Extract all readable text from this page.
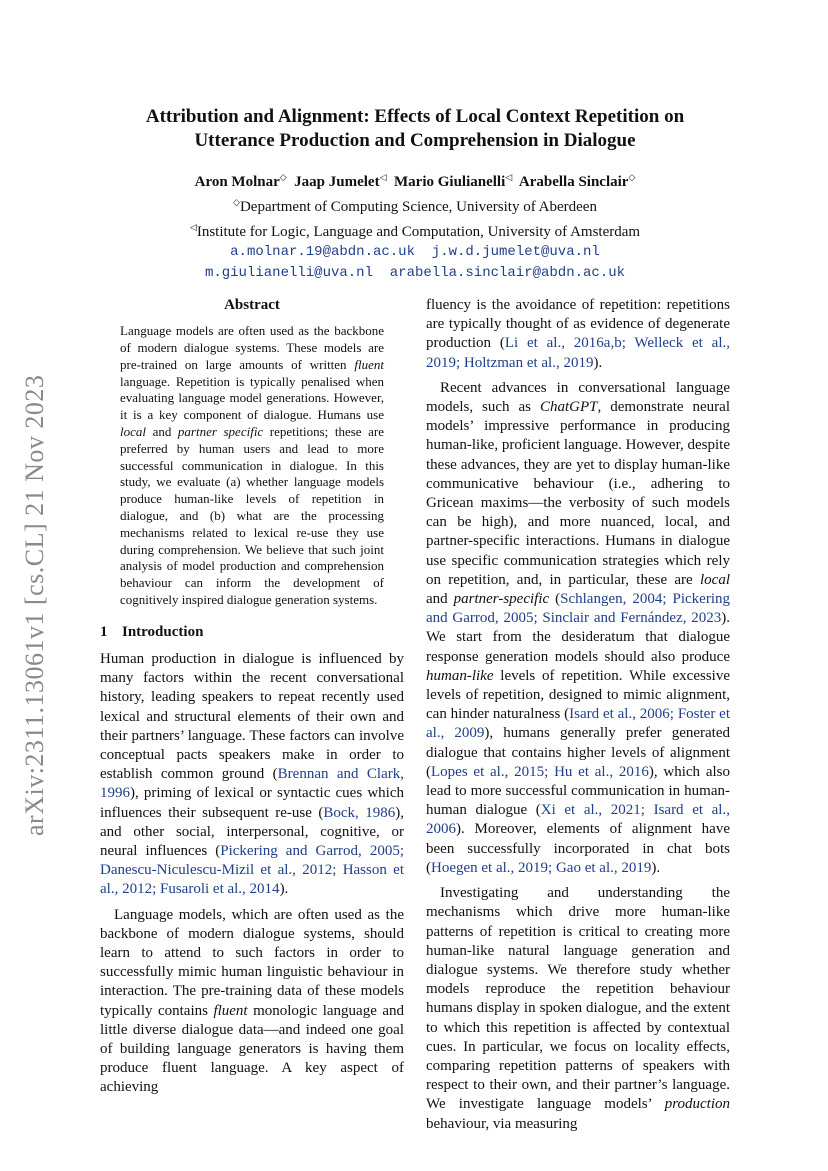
arXiv:2311.13061v1 [cs.CL] 21 Nov 2023
Attribution and Alignment: Effects of Local Context Repetition on
Utterance Production and Comprehension in Dialogue
Aron Molnar◇ Jaap Jumelet◁ Mario Giulianelli◁ Arabella Sinclair◇
◇Department of Computing Science, University of Aberdeen
◁Institute for Logic, Language and Computation, University of Amsterdam
a.molnar.19@abdn.ac.uk  j.w.d.jumelet@uva.nl
m.giulianelli@uva.nl  arabella.sinclair@abdn.ac.uk
Abstract

Language models are often used as the backbone of modern dialogue systems. These models are pre-trained on large amounts of written fluent language. Repetition is typically penalised when evaluating language model generations. However, it is a key component of dialogue. Humans use local and partner specific repetitions; these are preferred by human users and lead to more successful communication in dialogue. In this study, we evaluate (a) whether language models produce human-like levels of repetition in dialogue, and (b) what are the processing mechanisms related to lexical re-use they use during comprehension. We believe that such joint analysis of model production and comprehension behaviour can inform the development of cognitively inspired dialogue generation systems.

1 Introduction

Human production in dialogue is influenced by many factors within the recent conversational history, leading speakers to repeat recently used lexical and structural elements of their own and their partners’ language. These factors can involve conceptual pacts speakers make in order to establish common ground (Brennan and Clark, 1996), priming of lexical or syntactic cues which influences their subsequent re-use (Bock, 1986), and other social, interpersonal, cognitive, or neural influences (Pickering and Garrod, 2005; Danescu-Niculescu-Mizil et al., 2012; Hasson et al., 2012; Fusaroli et al., 2014).

Language models, which are often used as the backbone of modern dialogue systems, should learn to attend to such factors in order to successfully mimic human linguistic behaviour in interaction. The pre-training data of these models typically contains fluent monologic language and little diverse dialogue data—and indeed one goal of building language generators is having them produce fluent language. A key aspect of achieving

fluency is the avoidance of repetition: repetitions are typically thought of as evidence of degenerate production (Li et al., 2016a,b; Welleck et al., 2019; Holtzman et al., 2019).

Recent advances in conversational language models, such as ChatGPT, demonstrate neural models’ impressive performance in producing human-like, proficient language. However, despite these advances, they are yet to display human-like communicative behaviour (i.e., adhering to Gricean maxims—the verbosity of such models can be high), and more nuanced, local, and partner-specific interactions. Humans in dialogue use specific communication strategies which rely on repetition, and, in particular, these are local and partner-specific (Schlangen, 2004; Pickering and Garrod, 2005; Sinclair and Fernández, 2023). We start from the desideratum that dialogue response generation models should also produce human-like levels of repetition. While excessive levels of repetition, designed to mimic alignment, can hinder naturalness (Isard et al., 2006; Foster et al., 2009), humans generally prefer generated dialogue that contains higher levels of alignment (Lopes et al., 2015; Hu et al., 2016), which also lead to more successful communication in human-human dialogue (Xi et al., 2021; Isard et al., 2006). Moreover, elements of alignment have been successfully incorporated in chat bots (Hoegen et al., 2019; Gao et al., 2019).

Investigating and understanding the mechanisms which drive more human-like patterns of repetition is critical to creating more human-like natural language generation and dialogue systems. We therefore study whether models reproduce the repetition behaviour humans display in spoken dialogue, and the extent to which this repetition is affected by contextual cues. In particular, we focus on locality effects, comparing repetition patterns of speakers with respect to their own, and their partner’s language. We investigate language models’ production behaviour, via measuring
